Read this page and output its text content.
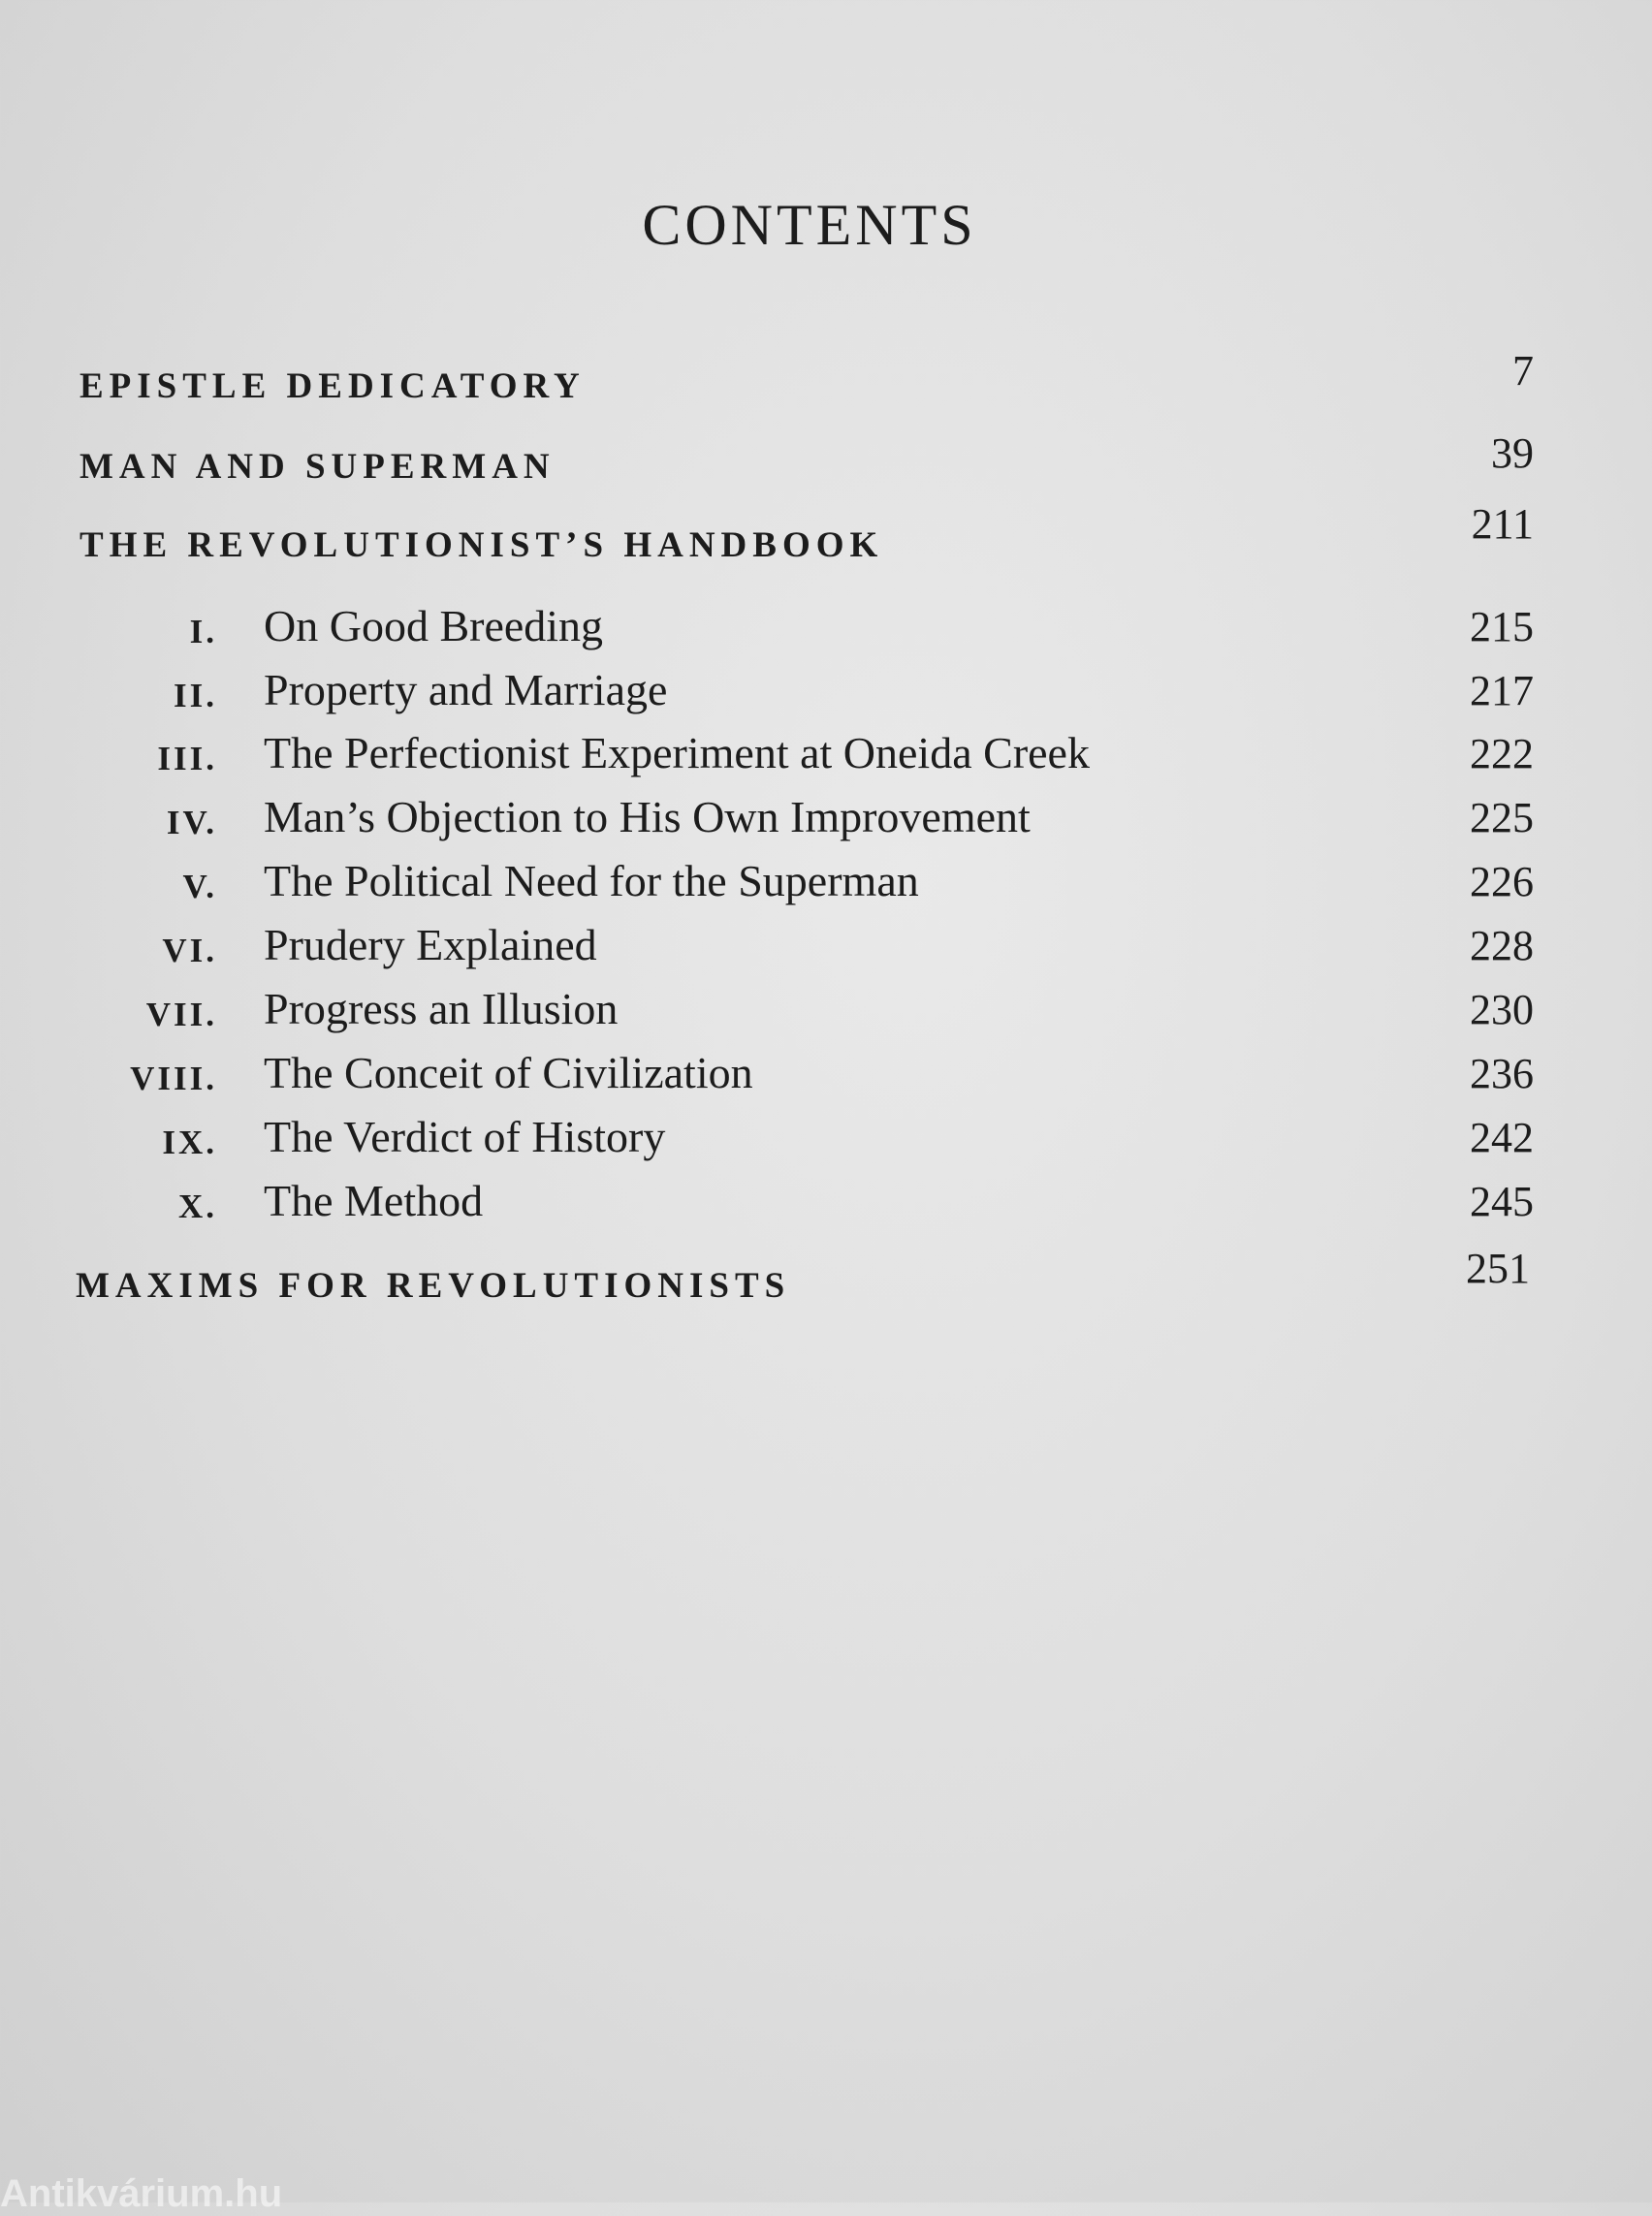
CONTENTS
EPISTLE DEDICATORY	7
MAN AND SUPERMAN	39
THE REVOLUTIONIST’S HANDBOOK	211
I. On Good Breeding	215
II. Property and Marriage	217
III. The Perfectionist Experiment at Oneida Creek	222
IV. Man’s Objection to His Own Improvement	225
V. The Political Need for the Superman	226
VI. Prudery Explained	228
VII. Progress an Illusion	230
VIII. The Conceit of Civilization	236
IX. The Verdict of History	242
X. The Method	245
MAXIMS FOR REVOLUTIONISTS	251
Antikvárium.hu
